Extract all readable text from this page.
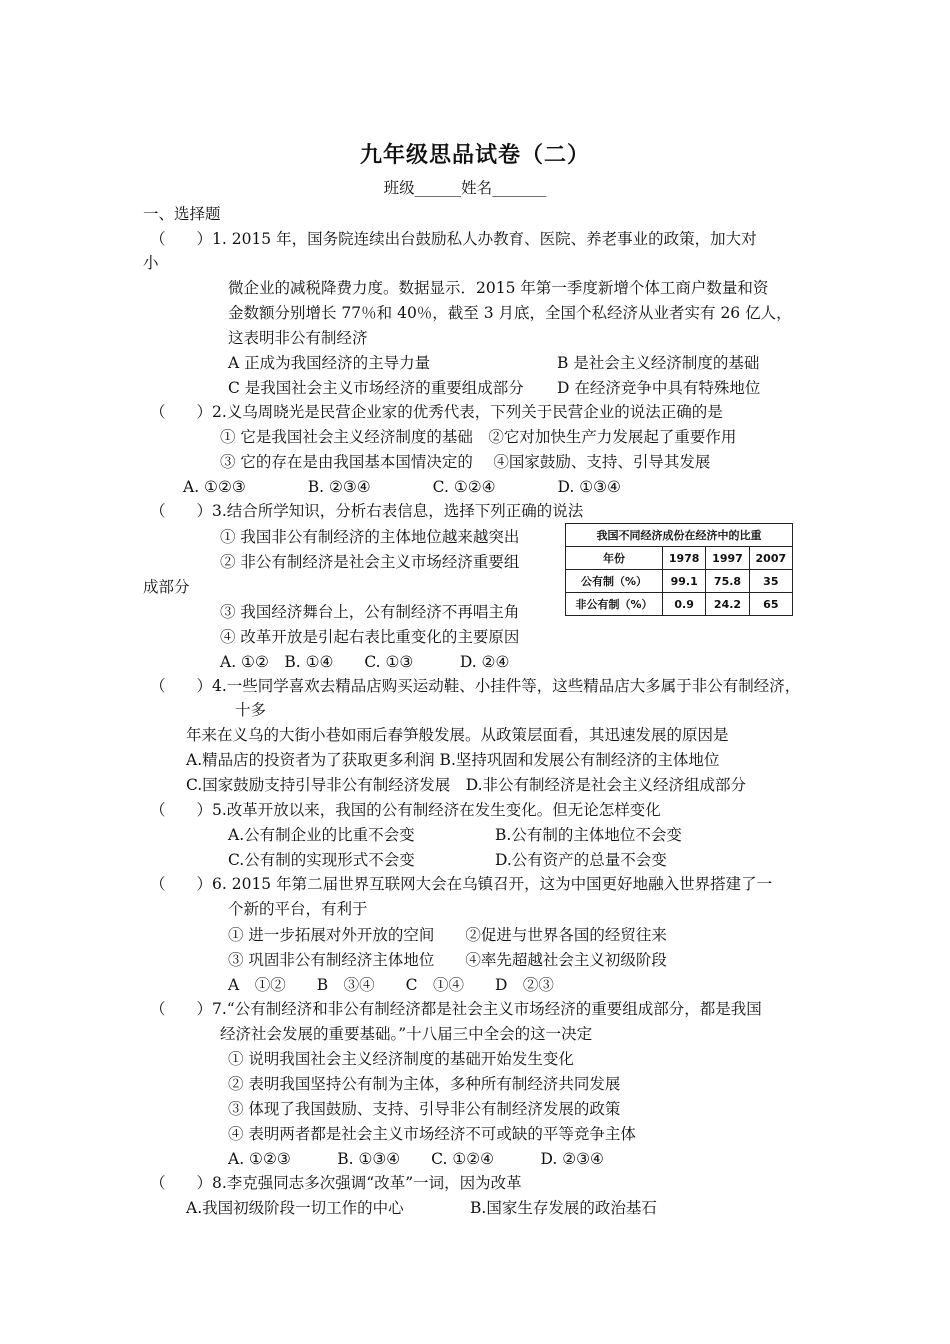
九年级思品试卷（二）
班级______姓名_______
一、选择题
（　　）1. 2015 年，国务院连续出台鼓励私人办教育、医院、养老事业的政策，加大对
小
微企业的减税降费力度。数据显示．2015 年第一季度新增个体工商户数量和资
金数额分别增长 77％和 40％，截至 3 月底，全国个私经济从业者实有 26 亿人，
这表明非公有制经济
A 正成为我国经济的主导力量	B 是社会主义经济制度的基础
C 是我国社会主义市场经济的重要组成部分 D 在经济竞争中具有特殊地位
（　　）2.义乌周晓光是民营企业家的优秀代表，下列关于民营企业的说法正确的是
① 它是我国社会主义经济制度的基础　②它对加快生产力发展起了重要作用
③ 它的存在是由我国基本国情决定的　 ④国家鼓励、支持、引导其发展
A. ①②③　　　　B. ②③④　　　　C. ①②④　　　　D. ①③④
（　　）3.结合所学知识，分析右表信息，选择下列正确的说法
① 我国非公有制经济的主体地位越来越突出
② 非公有制经济是社会主义市场经济重要组
成部分
③ 我国经济舞台上，公有制经济不再唱主角
④ 改革开放是引起右表比重变化的主要原因
A. ①②　B. ①④　　C. ①③　　　D. ②④
我国不同经济成份在经济中的比重			
年份	1978	1997	2007
公有制（%）	99.1	75.8	35
非公有制（%）	0.9	24.2	65
（　　）4.一些同学喜欢去精品店购买运动鞋、小挂件等，这些精品店大多属于非公有制经济，
十多
年来在义乌的大街小巷如雨后春笋般发展。从政策层面看，其迅速发展的原因是
A.精品店的投资者为了获取更多利润 B.坚持巩固和发展公有制经济的主体地位
C.国家鼓励支持引导非公有制经济发展　D.非公有制经济是社会主义经济组成部分
（　　）5.改革开放以来，我国的公有制经济在发生变化。但无论怎样变化
A.公有制企业的比重不会变	B.公有制的主体地位不会变
C.公有制的实现形式不会变	D.公有资产的总量不会变
（　　）6. 2015 年第二届世界互联网大会在乌镇召开，这为中国更好地融入世界搭建了一
个新的平台，有利于
① 进一步拓展对外开放的空间　　②促进与世界各国的经贸往来
③ 巩固非公有制经济主体地位　　④率先超越社会主义初级阶段
A　①②　　B　③④　　C　①④　　D　②③
（　　）7.“公有制经济和非公有制经济都是社会主义市场经济的重要组成部分，都是我国
经济社会发展的重要基础。”十八届三中全会的这一决定
① 说明我国社会主义经济制度的基础开始发生变化
② 表明我国坚持公有制为主体，多种所有制经济共同发展
③ 体现了我国鼓励、支持、引导非公有制经济发展的政策
④ 表明两者都是社会主义市场经济不可或缺的平等竞争主体
A. ①②③　　　B. ①③④　　C. ①②④　　　D. ②③④
（　　）8.李克强同志多次强调“改革”一词，因为改革
A.我国初级阶段一切工作的中心	B.国家生存发展的政治基石
